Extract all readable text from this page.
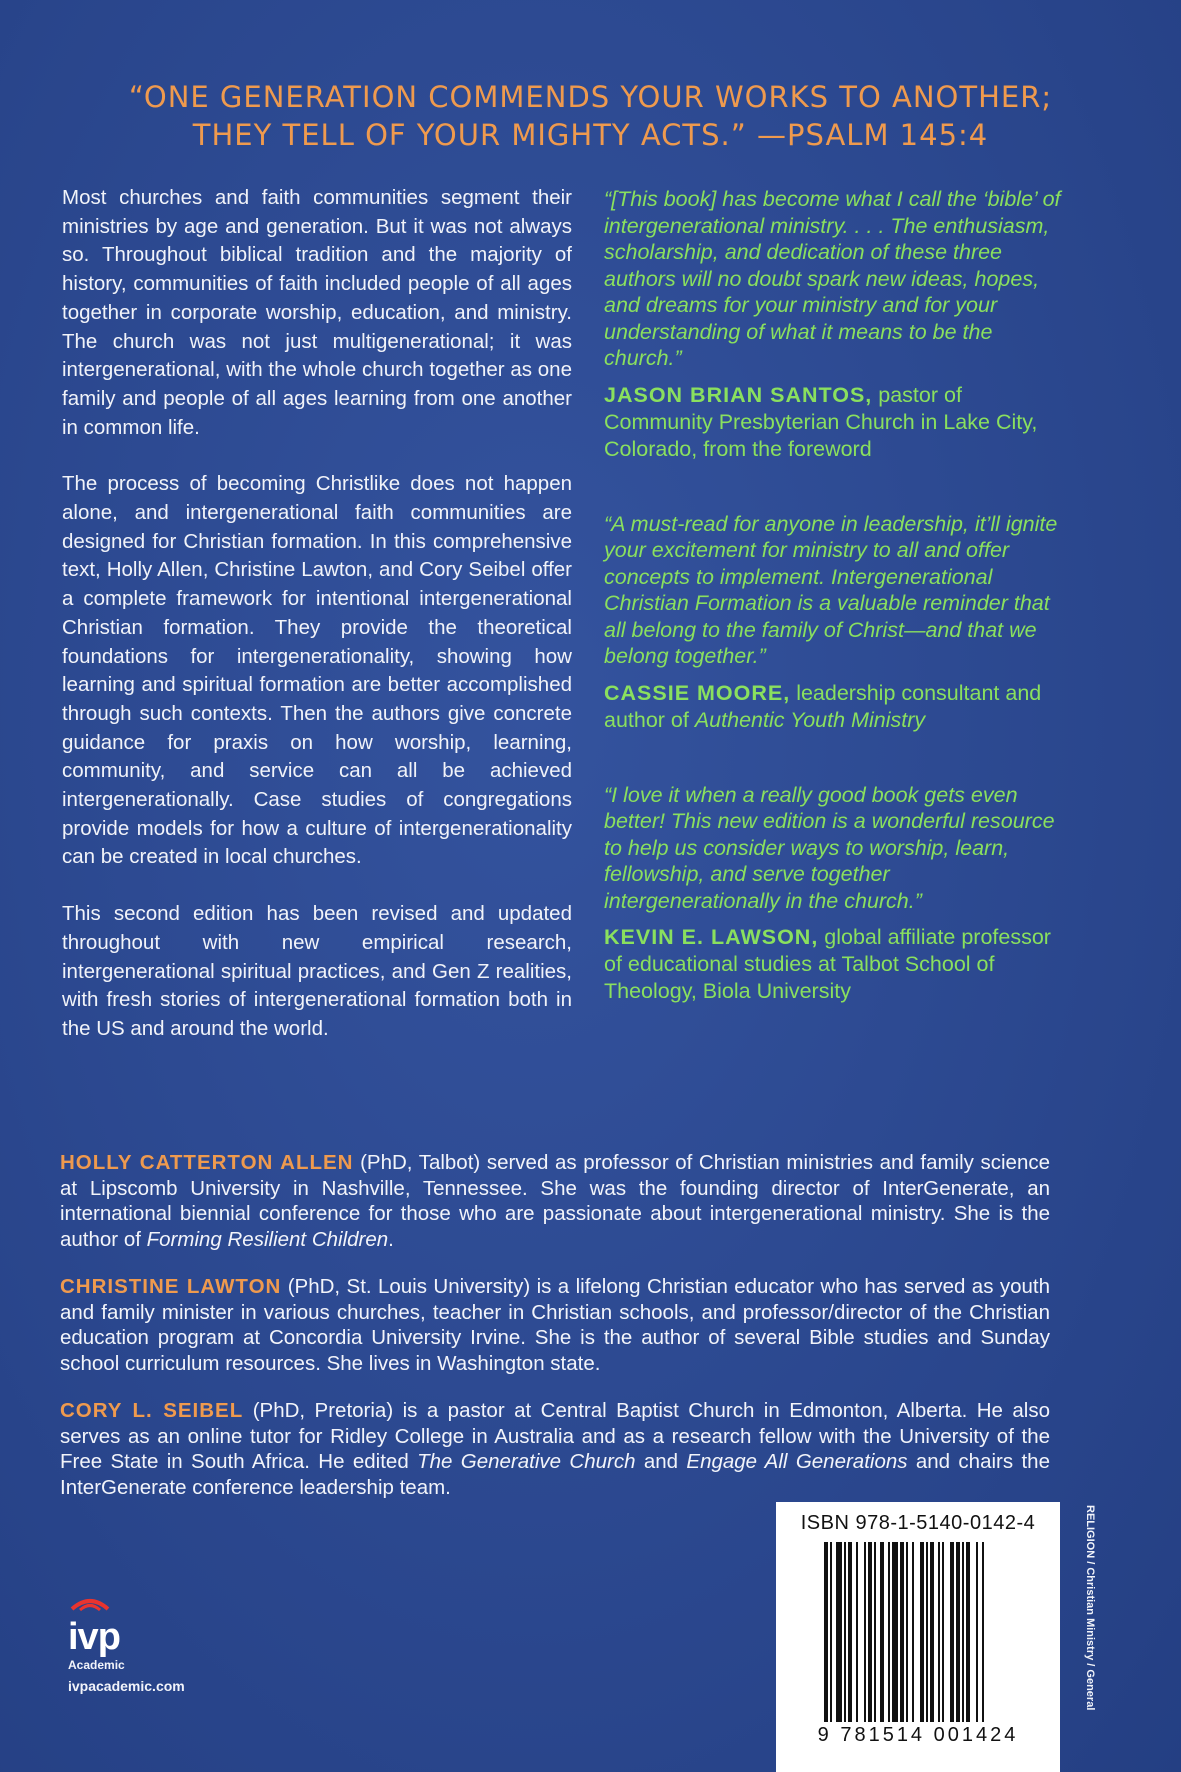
“ONE GENERATION COMMENDS YOUR WORKS TO ANOTHER;
THEY TELL OF YOUR MIGHTY ACTS.” —PSALM 145:4

Most churches and faith communities segment their ministries by age and generation. But it was not always so. Throughout biblical tradition and the majority of history, communities of faith included people of all ages together in corporate worship, education, and ministry. The church was not just multigenerational; it was intergenerational, with the whole church together as one family and people of all ages learning from one another in common life.

The process of becoming Christlike does not happen alone, and intergenerational faith communities are designed for Christian formation. In this comprehensive text, Holly Allen, Christine Lawton, and Cory Seibel offer a complete framework for intentional intergenerational Christian formation. They provide the theoretical foundations for intergenerationality, showing how learning and spiritual formation are better accomplished through such contexts. Then the authors give concrete guidance for praxis on how worship, learning, community, and service can all be achieved intergenerationally. Case studies of congregations provide models for how a culture of intergenerationality can be created in local churches.

This second edition has been revised and updated throughout with new empirical research, intergenerational spiritual practices, and Gen Z realities, with fresh stories of intergenerational formation both in the US and around the world.

“[This book] has become what I call the ‘bible’ of intergenerational ministry. . . . The enthusiasm, scholarship, and dedication of these three authors will no doubt spark new ideas, hopes, and dreams for your ministry and for your understanding of what it means to be the church.”

JASON BRIAN SANTOS, pastor of Community Presbyterian Church in Lake City, Colorado, from the foreword

“A must-read for anyone in leadership, it’ll ignite your excitement for ministry to all and offer concepts to implement. Intergenerational Christian Formation is a valuable reminder that all belong to the family of Christ—and that we belong together.”

CASSIE MOORE, leadership consultant and author of Authentic Youth Ministry

“I love it when a really good book gets even better! This new edition is a wonderful resource to help us consider ways to worship, learn, fellowship, and serve together intergenerationally in the church.”

KEVIN E. LAWSON, global affiliate professor of educational studies at Talbot School of Theology, Biola University

HOLLY CATTERTON ALLEN (PhD, Talbot) served as professor of Christian ministries and family science at Lipscomb University in Nashville, Tennessee. She was the founding director of InterGenerate, an international biennial conference for those who are passionate about intergenerational ministry. She is the author of Forming Resilient Children.

CHRISTINE LAWTON (PhD, St. Louis University) is a lifelong Christian educator who has served as youth and family minister in various churches, teacher in Christian schools, and professor/director of the Christian education program at Concordia University Irvine. She is the author of several Bible studies and Sunday school curriculum resources. She lives in Washington state.

CORY L. SEIBEL (PhD, Pretoria) is a pastor at Central Baptist Church in Edmonton, Alberta. He also serves as an online tutor for Ridley College in Australia and as a research fellow with the University of the Free State in South Africa. He edited The Generative Church and Engage All Generations and chairs the InterGenerate conference leadership team.

ISBN 978-1-5140-0142-4
9 781514 001424
RELIGION / Christian Ministry / General
ivp
Academic
ivpacademic.com
